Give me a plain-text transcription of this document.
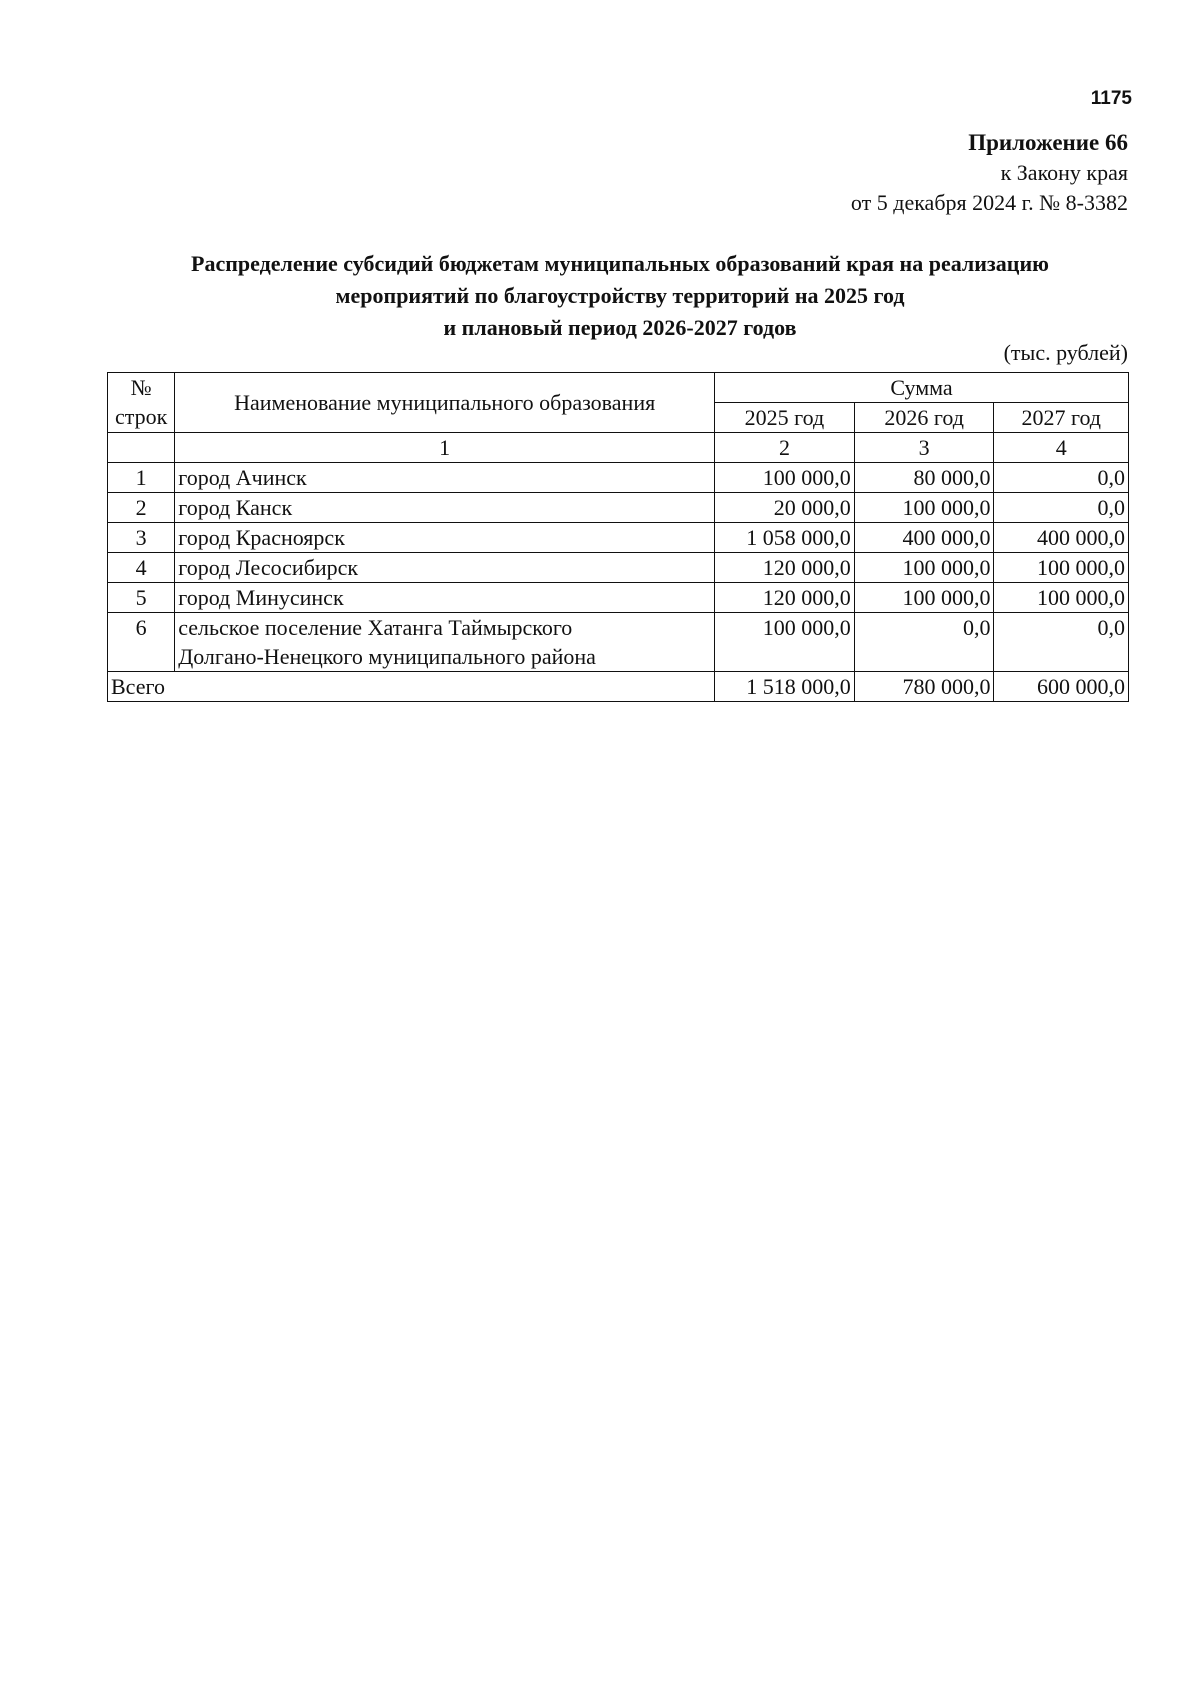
1175
Приложение 66
к Закону края
от 5 декабря 2024 г. № 8-3382
Распределение субсидий бюджетам муниципальных образований края на реализацию
мероприятий по благоустройству территорий на 2025 год
и плановый период 2026-2027 годов
(тыс. рублей)
№
строк	Наименование муниципального образования	Сумма		
		2025 год	2026 год	2027 год
	1	2	3	4
1	город Ачинск	100 000,0	80 000,0	0,0
2	город Канск	20 000,0	100 000,0	0,0
3	город Красноярск	1 058 000,0	400 000,0	400 000,0
4	город Лесосибирск	120 000,0	100 000,0	100 000,0
5	город Минусинск	120 000,0	100 000,0	100 000,0
6	сельское поселение Хатанга Таймырского
Долгано-Ненецкого муниципального района	100 000,0	0,0	0,0
Всего		1 518 000,0	780 000,0	600 000,0
